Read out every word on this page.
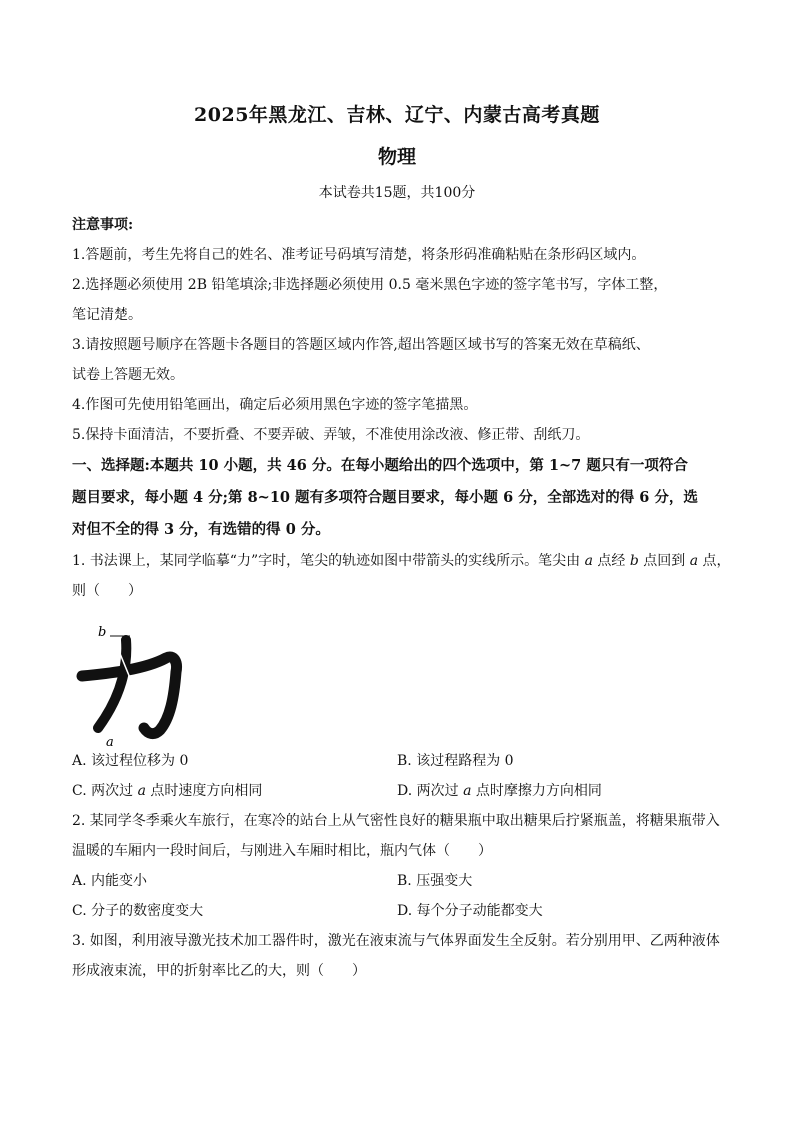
2025年黑龙江、吉林、辽宁、内蒙古高考真题
物理
本试卷共15题，共100分
注意事项:
1.答题前，考生先将自己的姓名、准考证号码填写清楚，将条形码准确粘贴在条形码区域内。
2.选择题必须使用 2B 铅笔填涂;非选择题必须使用 0.5 毫米黑色字迹的签字笔书写，字体工整，
笔记清楚。
3.请按照题号顺序在答题卡各题目的答题区域内作答,超出答题区域书写的答案无效在草稿纸、
试卷上答题无效。
4.作图可先使用铅笔画出，确定后必须用黑色字迹的签字笔描黑。
5.保持卡面清洁，不要折叠、不要弄破、弄皱，不准使用涂改液、修正带、刮纸刀。
一、选择题:本题共 10 小题，共 46 分。在每小题给出的四个选项中，第 1~7 题只有一项符合
题目要求，每小题 4 分;第 8~10 题有多项符合题目要求，每小题 6 分，全部选对的得 6 分，选
对但不全的得 3 分，有选错的得 0 分。
1. 书法课上，某同学临摹“力”字时，笔尖的轨迹如图中带箭头的实线所示。笔尖由 a 点经 b 点回到 a 点，
则（　　）
b
a
A. 该过程位移为 0	B. 该过程路程为 0
C. 两次过 a 点时速度方向相同	D. 两次过 a 点时摩擦力方向相同
2. 某同学冬季乘火车旅行，在寒冷的站台上从气密性良好的糖果瓶中取出糖果后拧紧瓶盖，将糖果瓶带入
温暖的车厢内一段时间后，与刚进入车厢时相比，瓶内气体（　　）
A. 内能变小	B. 压强变大
C. 分子的数密度变大	D. 每个分子动能都变大
3. 如图，利用液导激光技术加工器件时，激光在液束流与气体界面发生全反射。若分别用甲、乙两种液体
形成液束流，甲的折射率比乙的大，则（　　）
